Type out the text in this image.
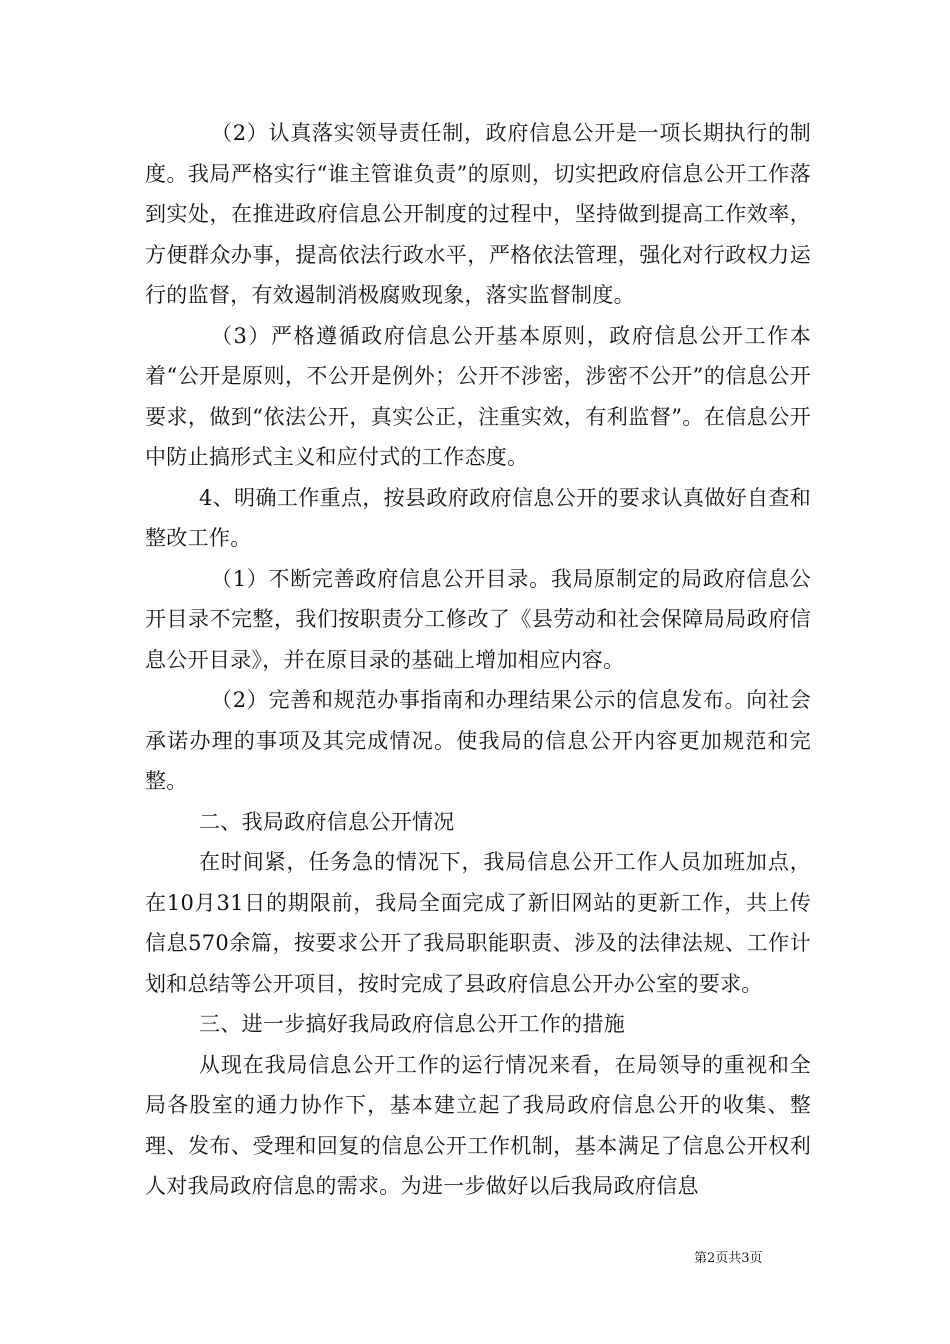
（2）认真落实领导责任制，政府信息公开是一项长期执行的制度。我局严格实行“谁主管谁负责”的原则，切实把政府信息公开工作落到实处，在推进政府信息公开制度的过程中，坚持做到提高工作效率，方便群众办事，提高依法行政水平，严格依法管理，强化对行政权力运行的监督，有效遏制消极腐败现象，落实监督制度。

（3）严格遵循政府信息公开基本原则，政府信息公开工作本着“公开是原则，不公开是例外；公开不涉密，涉密不公开”的信息公开要求，做到“依法公开，真实公正，注重实效，有利监督”。在信息公开中防止搞形式主义和应付式的工作态度。

4、明确工作重点，按县政府政府信息公开的要求认真做好自查和整改工作。

（1）不断完善政府信息公开目录。我局原制定的局政府信息公开目录不完整，我们按职责分工修改了《县劳动和社会保障局局政府信息公开目录》，并在原目录的基础上增加相应内容。

（2）完善和规范办事指南和办理结果公示的信息发布。向社会承诺办理的事项及其完成情况。使我局的信息公开内容更加规范和完整。

二、我局政府信息公开情况

在时间紧，任务急的情况下，我局信息公开工作人员加班加点，在10月31日的期限前，我局全面完成了新旧网站的更新工作，共上传信息570余篇，按要求公开了我局职能职责、涉及的法律法规、工作计划和总结等公开项目，按时完成了县政府信息公开办公室的要求。

三、进一步搞好我局政府信息公开工作的措施

从现在我局信息公开工作的运行情况来看，在局领导的重视和全局各股室的通力协作下，基本建立起了我局政府信息公开的收集、整理、发布、受理和回复的信息公开工作机制，基本满足了信息公开权利人对我局政府信息的需求。为进一步做好以后我局政府信息

第2页共3页
